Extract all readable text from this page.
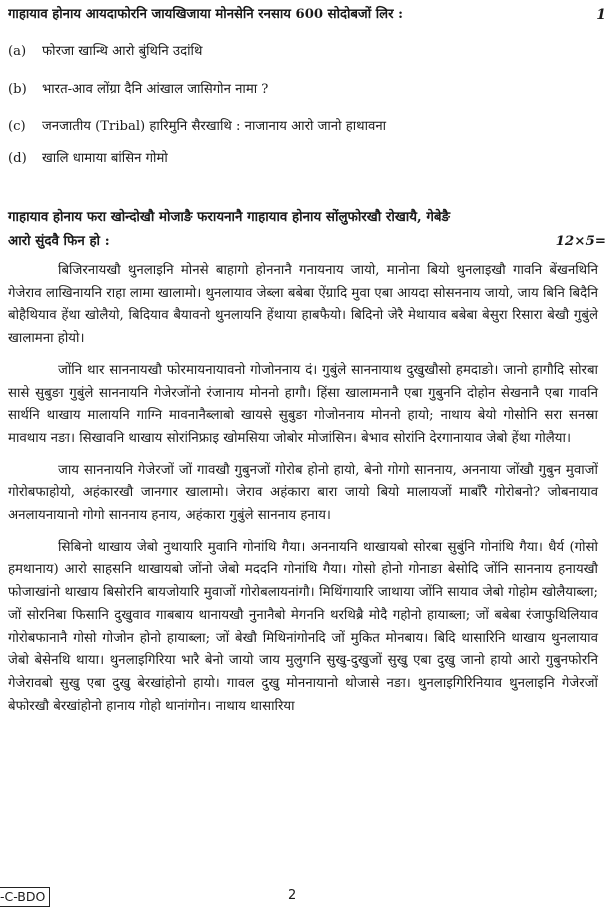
गाहायाव होनाय आयदाफोरनि जायखिजाया मोनसेनि रनसाय 600 सोदोबजों लिर :	1
(a) फोरजा खान्थि आरो बुंथिनि उदांथि
(b) भारत-आव लोंग्रा दैनि आंखाल जासिगोन नामा ?
(c) जनजातीय (Tribal) हारिमुनि सैरखाथि : नाजानाय आरो जानो हाथावना
(d) खालि धामाया बांसिन गोमो
गाहायाव होनाय फरा खोन्दोखौ मोजाङै फरायनानै गाहायाव होनाय सोंलुफोरखौ रोखायै, गेबेङै
आरो सुंदवै फिन हो :	12×5=

बिजिरनायखौ थुनलाइनि मोनसे बाहागो होननानै गनायनाय जायो, मानोना बियो थुनलाइखौ गावनि बेंखनथिनि गेजेराव लाखिनायनि राहा लामा खालामो। थुनलायाव जेब्ला बबेबा ऐंग्रादि मुवा एबा आयदा सोसननाय जायो, जाय बिनि बिदैनि बोहैथियाव हेंथा खोलैयो, बिदियाव बैयावनो थुनलायनि हेंथाया हाबफैयो। बिदिनो जेरै मेथायाव बबेबा बेसुरा रिसारा बेखौ गुबुंले खालामना होयो।

जोंनि थार साननायखौ फोरमायनायावनो गोजोननाय दं। गुबुंले साननायाथ दुखुखौसो हमदाङो। जानो हागौदि सोरबा सासे सुबुङा गुबुंले साननायनि गेजेरजोंनो रंजानाय मोननो हागौ। हिंसा खालामनानै एबा गुबुननि दोहोन सेखनानै एबा गावनि सार्थनि थाखाय मालायनि गाग्नि मावनानैब्लाबो खायसे सुबुङा गोजोननाय मोननो हायो; नाथाय बेयो गोसोनि सरा सनस्रा मावथाय नङा। सिखावनि थाखाय सोरांनिफ्राइ खोमसिया जोबोर मोजांसिन। बेभाव सोरांनि देरगानायाव जेबो हेंथा गोलैया।

जाय साननायनि गेजेरजों जों गावखौ गुबुनजों गोरोब होनो हायो, बेनो गोगो साननाय, अननाया जोंखौ गुबुन मुवाजों गोरोबफाहोयो, अहंकारखौ जानगार खालामो। जेराव अहंकारा बारा जायो बियो मालायजों माबाँरै गोरोबनो? जोबनायाव अनलायनायानो गोगो साननाय हनाय, अहंकारा गुबुंले साननाय हनाय।

सिबिनो थाखाय जेबो नुथायारि मुवानि गोनांथि गैया। अननायनि थाखायबो सोरबा सुबुंनि गोनांथि गैया। धैर्य (गोसो हमथानाय) आरो साहसनि थाखायबो जोंनो जेबो मददनि गोनांथि गैया। गोसो होनो गोनाङा बेसोदि जोंनि साननाय हनायखौ फोजाखांनो थाखाय बिसोरनि बायजोयारि मुवाजों गोरोबलायनांगौ। मिथिंगायारि जाथाया जोंनि सायाव जेबो गोहोम खोलैयाब्ला; जों सोरनिबा फिसानि दुखुवाव गाबबाय थानायखौ नुनानैबो मेगननि थरथिब्रै मोदै गहोनो हायाब्ला; जों बबेबा रंजाफुथिलियाव गोरोबफानानै गोसो गोजोन होनो हायाब्ला; जों बेखौ मिथिनांगोनदि जों मुकित मोनबाय। बिदि थासारिनि थाखाय थुनलायाव जेबो बेसेनथि थाया। थुनलाइगिरिया भारै बेनो जायो जाय मुलुगनि सुखु-दुखुजों सुखु एबा दुखु जानो हायो आरो गुबुनफोरनि गेजेरावबो सुखु एबा दुखु बेरखांहोनो हायो। गावल दुखु मोननायानो थोजासे नङा। थुनलाइगिरिनियाव थुनलाइनि गेजेरजों बेफोरखौ बेरखांहोनो हानाय गोहो थानांगोन। नाथाय थासारिया

-C-BDO	2
